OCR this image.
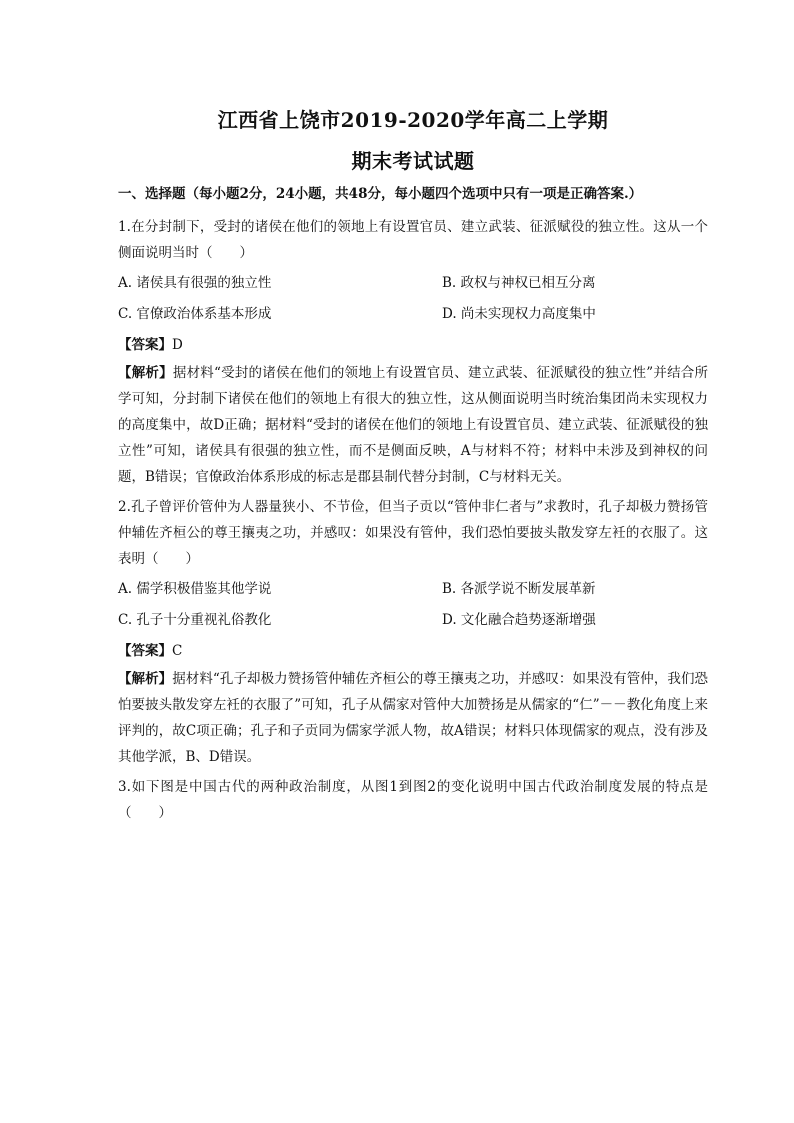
江西省上饶市2019-2020学年高二上学期
期末考试试题

一、选择题（每小题2分，24小题，共48分，每小题四个选项中只有一项是正确答案.）

1.在分封制下，受封的诸侯在他们的领地上有设置官员、建立武装、征派赋役的独立性。这从一个侧面说明当时（　　）

A. 诸侯具有很强的独立性	B. 政权与神权已相互分离
C. 官僚政治体系基本形成	D. 尚未实现权力高度集中

【答案】D

【解析】据材料“受封的诸侯在他们的领地上有设置官员、建立武装、征派赋役的独立性”并结合所学可知，分封制下诸侯在他们的领地上有很大的独立性，这从侧面说明当时统治集团尚未实现权力的高度集中，故D正确；据材料“受封的诸侯在他们的领地上有设置官员、建立武装、征派赋役的独立性”可知，诸侯具有很强的独立性，而不是侧面反映，A与材料不符；材料中未涉及到神权的问题，B错误；官僚政治体系形成的标志是郡县制代替分封制，C与材料无关。

2.孔子曾评价管仲为人器量狭小、不节俭，但当子贡以“管仲非仁者与”求教时，孔子却极力赞扬管仲辅佐齐桓公的尊王攘夷之功，并感叹：如果没有管仲，我们恐怕要披头散发穿左衽的衣服了。这表明（　　）

A. 儒学积极借鉴其他学说	B. 各派学说不断发展革新
C. 孔子十分重视礼俗教化	D. 文化融合趋势逐渐增强

【答案】C

【解析】据材料“孔子却极力赞扬管仲辅佐齐桓公的尊王攘夷之功，并感叹：如果没有管仲，我们恐怕要披头散发穿左衽的衣服了”可知，孔子从儒家对管仲大加赞扬是从儒家的“仁”－－教化角度上来评判的，故C项正确；孔子和子贡同为儒家学派人物，故A错误；材料只体现儒家的观点，没有涉及其他学派，B、D错误。

3.如下图是中国古代的两种政治制度，从图1到图2的变化说明中国古代政治制度发展的特点是（　　）
